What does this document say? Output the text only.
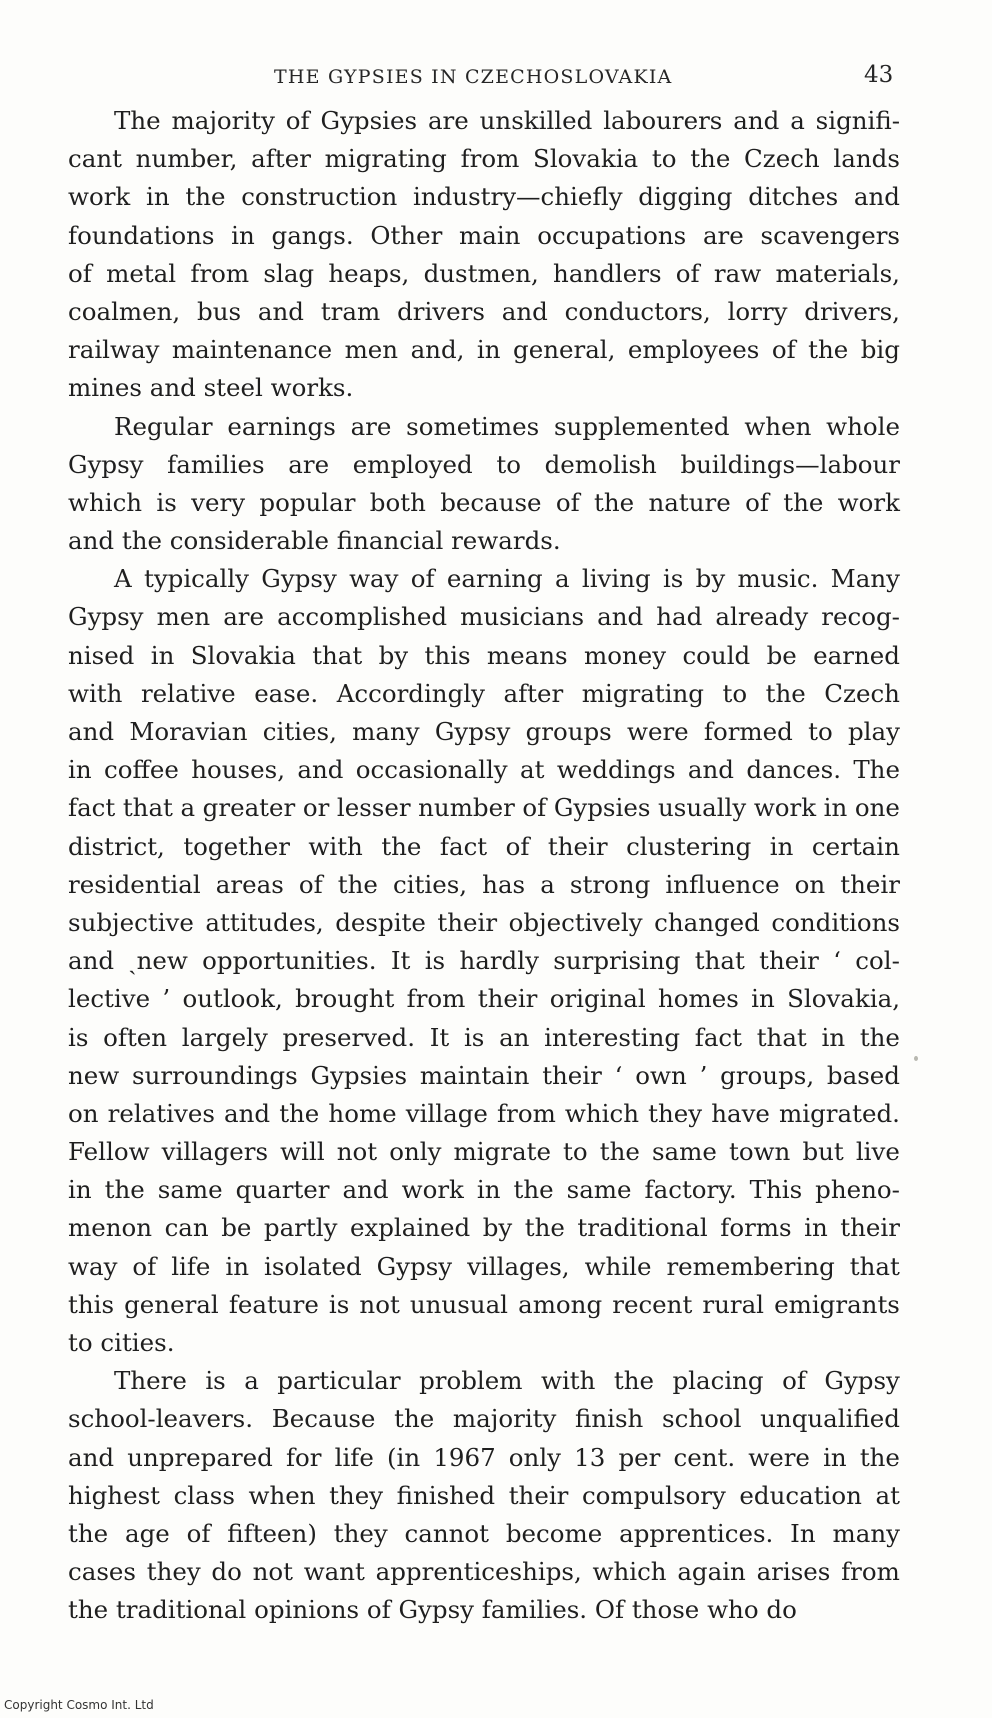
THE GYPSIES IN CZECHOSLOVAKIA	43
The majority of Gypsies are unskilled labourers and a signifi-
cant number, after migrating from Slovakia to the Czech lands
work in the construction industry—chiefly digging ditches and
foundations in gangs. Other main occupations are scavengers
of metal from slag heaps, dustmen, handlers of raw materials,
coalmen, bus and tram drivers and conductors, lorry drivers,
railway maintenance men and, in general, employees of the big
mines
and
steel
works.
Regular earnings are sometimes supplemented when whole
Gypsy families are employed to demolish buildings—labour
which is very popular both because of the nature of the work
and
the
considerable
financial
rewards.
A typically Gypsy way of earning a living is by music. Many
Gypsy men are accomplished musicians and had already recog-
nised in Slovakia that by this means money could be earned
with relative ease. Accordingly after migrating to the Czech
and Moravian cities, many Gypsy groups were formed to play
in coffee houses, and occasionally at weddings and dances. The
fact that a greater or lesser number of Gypsies usually work in one
district, together with the fact of their clustering in certain
residential areas of the cities, has a strong influence on their
subjective attitudes, despite their objectively changed conditions
and ˎnew opportunities. It is hardly surprising that their ‘ col-
lective ’ outlook, brought from their original homes in Slovakia,
is often largely preserved. It is an interesting fact that in the
new surroundings Gypsies maintain their ‘ own ’ groups, based
on relatives and the home village from which they have migrated.
Fellow villagers will not only migrate to the same town but live
in the same quarter and work in the same factory. This pheno-
menon can be partly explained by the traditional forms in their
way of life in isolated Gypsy villages, while remembering that
this general feature is not unusual among recent rural emigrants
to
cities.
There is a particular problem with the placing of Gypsy
school-leavers. Because the majority finish school unqualified
and unprepared for life (in 1967 only 13 per cent. were in the
highest class when they finished their compulsory education at
the age of fifteen) they cannot become apprentices. In many
cases they do not want apprenticeships, which again arises from
the
traditional
opinions
of
Gypsy
families.
Of
those
who
do
Copyright Cosmo Int. Ltd
